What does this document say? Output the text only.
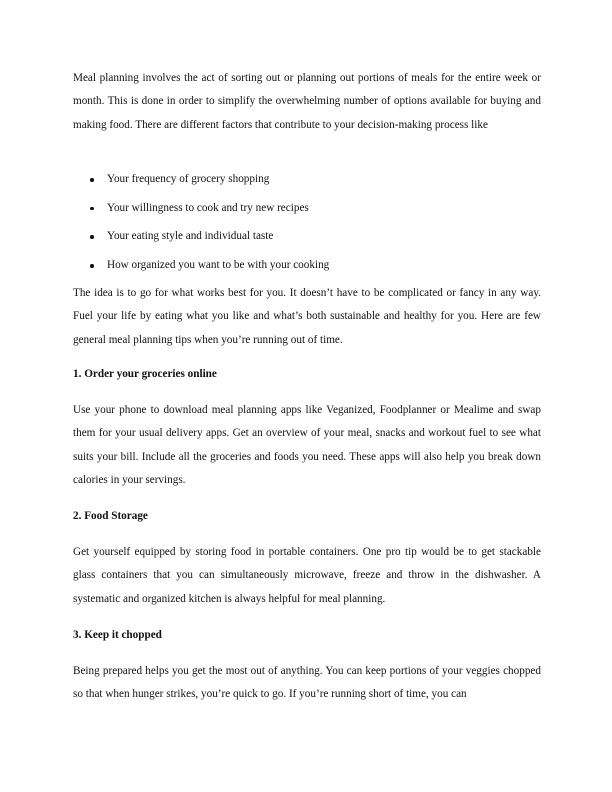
Meal planning involves the act of sorting out or planning out portions of meals for the entire week or month. This is done in order to simplify the overwhelming number of options available for buying and making food. There are different factors that contribute to your decision-making process like

Your frequency of grocery shopping
Your willingness to cook and try new recipes
Your eating style and individual taste
How organized you want to be with your cooking

The idea is to go for what works best for you. It doesn’t have to be complicated or fancy in any way. Fuel your life by eating what you like and what’s both sustainable and healthy for you. Here are few general meal planning tips when you’re running out of time.

1. Order your groceries online

Use your phone to download meal planning apps like Veganized, Foodplanner or Mealime and swap them for your usual delivery apps. Get an overview of your meal, snacks and workout fuel to see what suits your bill. Include all the groceries and foods you need. These apps will also help you break down calories in your servings.

2. Food Storage

Get yourself equipped by storing food in portable containers. One pro tip would be to get stackable glass containers that you can simultaneously microwave, freeze and throw in the dishwasher. A systematic and organized kitchen is always helpful for meal planning.

3. Keep it chopped

Being prepared helps you get the most out of anything. You can keep portions of your veggies chopped so that when hunger strikes, you’re quick to go. If you’re running short of time, you can
